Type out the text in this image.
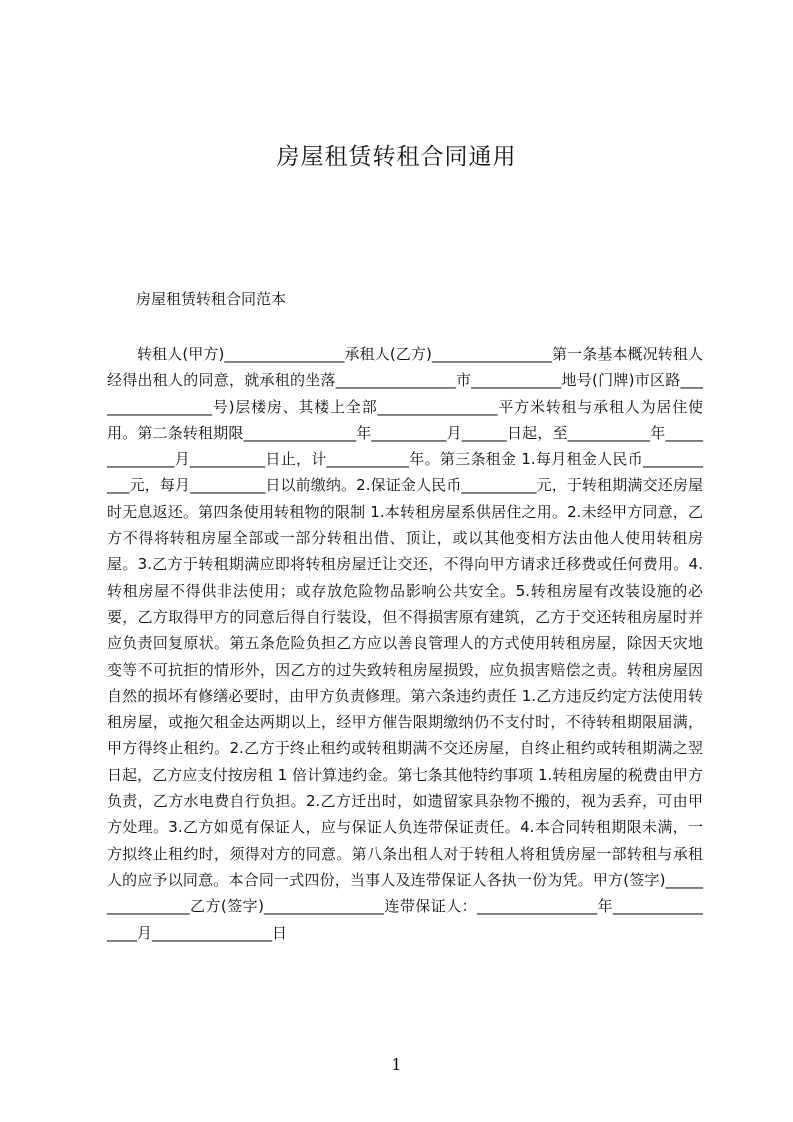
房屋租赁转租合同通用

房屋租赁转租合同范本

转租人(甲方)________________承租人(乙方)________________第一条基本概况转租人经得出租人的同意，就承租的坐落________________市____________地号(门牌)市区路_________________号)层楼房、其楼上全部________________平方米转租与承租人为居住使用。第二条转租期限_______________年__________月______日起，至___________年______________月__________日止，计___________年。第三条租金 1.每月租金人民币___________元，每月__________日以前缴纳。2.保证金人民币__________元，于转租期满交还房屋时无息返还。第四条使用转租物的限制 1.本转租房屋系供居住之用。2.未经甲方同意，乙方不得将转租房屋全部或一部分转租出借、顶让，或以其他变相方法由他人使用转租房屋。3.乙方于转租期满应即将转租房屋迁让交还，不得向甲方请求迁移费或任何费用。4.转租房屋不得供非法使用；或存放危险物品影响公共安全。5.转租房屋有改装设施的必要，乙方取得甲方的同意后得自行装设，但不得损害原有建筑，乙方于交还转租房屋时并应负责回复原状。第五条危险负担乙方应以善良管理人的方式使用转租房屋，除因天灾地变等不可抗拒的情形外，因乙方的过失致转租房屋损毁，应负损害赔偿之责。转租房屋因自然的损坏有修缮必要时，由甲方负责修理。第六条违约责任 1.乙方违反约定方法使用转租房屋，或拖欠租金达两期以上，经甲方催告限期缴纳仍不支付时，不待转租期限届满，甲方得终止租约。2.乙方于终止租约或转租期满不交还房屋，自终止租约或转租期满之翌日起，乙方应支付按房租 1 倍计算违约金。第七条其他特约事项 1.转租房屋的税费由甲方负责，乙方水电费自行负担。2.乙方迁出时，如遗留家具杂物不搬的，视为丢弃，可由甲方处理。3.乙方如觅有保证人，应与保证人负连带保证责任。4.本合同转租期限未满，一方拟终止租约时，须得对方的同意。第八条出租人对于转租人将租赁房屋一部转租与承租人的应予以同意。本合同一式四份，当事人及连带保证人各执一份为凭。甲方(签字)________________乙方(签字)________________连带保证人：________________年________________月________________日

1
